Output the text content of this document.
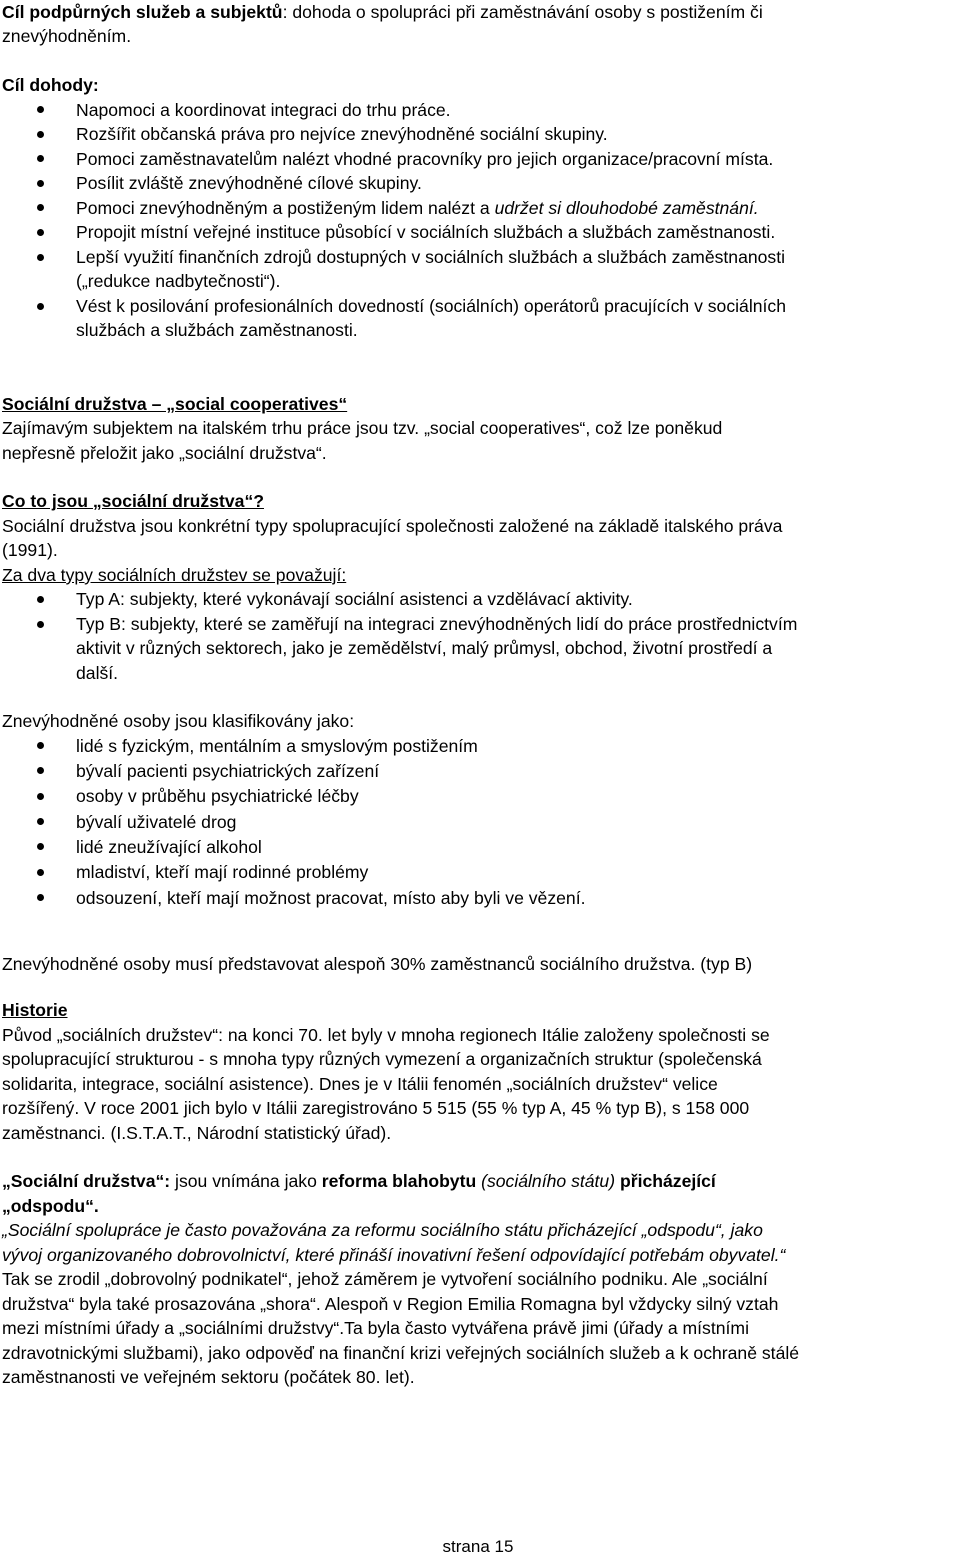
Cíl podpůrných služeb a subjektů: dohoda o spolupráci při zaměstnávání osoby s postižením či

znevýhodněním.

Cíl dohody:

Napomoci a koordinovat integraci do trhu práce.

Rozšířit občanská práva pro nejvíce znevýhodněné sociální skupiny.

Pomoci zaměstnavatelům nalézt vhodné pracovníky pro jejich organizace/pracovní místa.

Posílit zvláště znevýhodněné cílové skupiny.

Pomoci znevýhodněným a postiženým lidem nalézt a udržet si dlouhodobé zaměstnání.

Propojit místní veřejné instituce působící v sociálních službách a službách zaměstnanosti.

Lepší využití finančních zdrojů dostupných v sociálních službách a službách zaměstnanosti

(„redukce nadbytečnosti“).

Vést k posilování profesionálních dovedností (sociálních) operátorů pracujících v sociálních

službách a službách zaměstnanosti.

Sociální družstva – „social cooperatives“

Zajímavým subjektem na italském trhu práce jsou tzv. „social cooperatives“, což lze poněkud

nepřesně přeložit jako „sociální družstva“.

Co to jsou „sociální družstva“?

Sociální družstva jsou konkrétní typy spolupracující společnosti založené na základě italského práva

(1991).

Za dva typy sociálních družstev se považují:

Typ A: subjekty, které vykonávají sociální asistenci a vzdělávací aktivity.

Typ B: subjekty, které se zaměřují na integraci znevýhodněných lidí do práce prostřednictvím

aktivit v různých sektorech, jako je zemědělství, malý průmysl, obchod, životní prostředí a

další.

Znevýhodněné osoby jsou klasifikovány jako:

lidé s fyzickým, mentálním a smyslovým postižením

bývalí pacienti psychiatrických zařízení

osoby v průběhu psychiatrické léčby

bývalí uživatelé drog

lidé zneužívající alkohol

mladiství, kteří mají rodinné problémy

odsouzení, kteří mají možnost pracovat, místo aby byli ve vězení.

Znevýhodněné osoby musí představovat alespoň 30% zaměstnanců sociálního družstva. (typ B)

Historie

Původ „sociálních družstev“: na konci 70. let byly v mnoha regionech Itálie založeny společnosti se

spolupracující strukturou - s mnoha typy různých vymezení a organizačních struktur (společenská

solidarita, integrace, sociální asistence). Dnes je v Itálii fenomén „sociálních družstev“ velice

rozšířený. V roce 2001 jich bylo v Itálii zaregistrováno 5 515 (55 % typ A, 45 % typ B), s 158 000

zaměstnanci. (I.S.T.A.T., Národní statistický úřad).

„Sociální družstva“: jsou vnímána jako reforma blahobytu (sociálního státu) přicházející

„odspodu“.

„Sociální spolupráce je často považována za reformu sociálního státu přicházející „odspodu“, jako

vývoj organizovaného dobrovolnictví, které přináší inovativní řešení odpovídající potřebám obyvatel.“

Tak se zrodil „dobrovolný podnikatel“, jehož záměrem je vytvoření sociálního podniku. Ale „sociální

družstva“ byla také prosazována „shora“. Alespoň v Region Emilia Romagna byl vždycky silný vztah

mezi místními úřady a „sociálními družstvy“.Ta byla často vytvářena právě jimi (úřady a místními

zdravotnickými službami), jako odpověď na finanční krizi veřejných sociálních služeb a k ochraně stálé

zaměstnanosti ve veřejném sektoru (počátek 80. let).

strana 15
